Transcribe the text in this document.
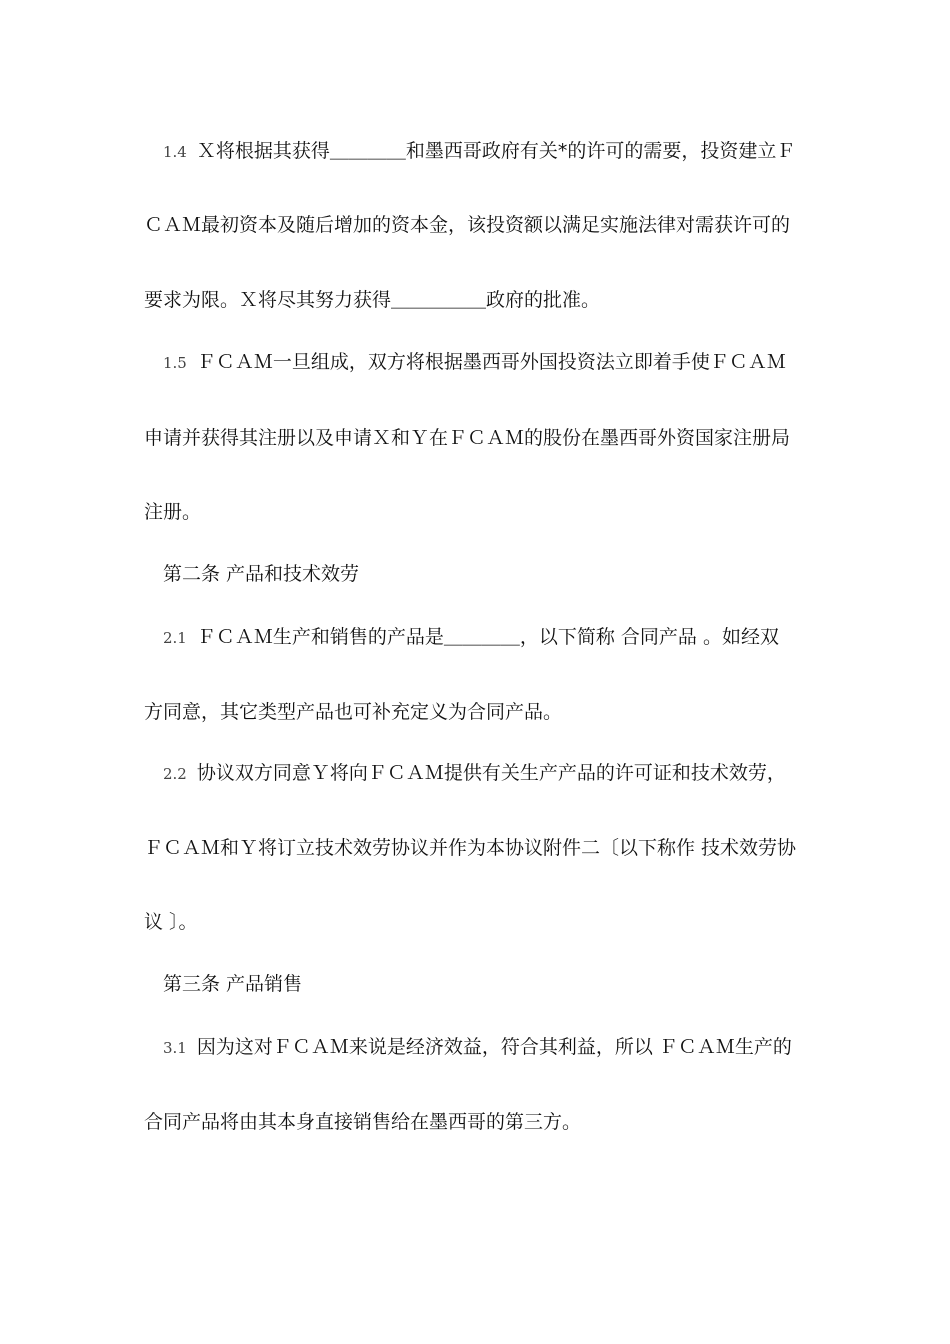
1.4 Ｘ将根据其获得＿＿＿＿和墨西哥政府有关*的许可的需要，投资建立Ｆ
ＣＡＭ最初资本及随后增加的资本金，该投资额以满足实施法律对需获许可的
要求为限。Ｘ将尽其努力获得＿＿＿＿＿政府的批准。
1.5 ＦＣＡＭ一旦组成，双方将根据墨西哥外国投资法立即着手使ＦＣＡＭ
申请并获得其注册以及申请Ｘ和Ｙ在ＦＣＡＭ的股份在墨西哥外资国家注册局
注册。
第二条 产品和技术效劳
2.1 ＦＣＡＭ生产和销售的产品是＿＿＿＿，以下简称 合同产品 。如经双
方同意，其它类型产品也可补充定义为合同产品。
2.2 协议双方同意Ｙ将向ＦＣＡＭ提供有关生产产品的许可证和技术效劳，
ＦＣＡＭ和Ｙ将订立技术效劳协议并作为本协议附件二〔以下称作 技术效劳协
议 〕。
第三条 产品销售
3.1 因为这对ＦＣＡＭ来说是经济效益，符合其利益，所以 ＦＣＡＭ生产的
合同产品将由其本身直接销售给在墨西哥的第三方。
